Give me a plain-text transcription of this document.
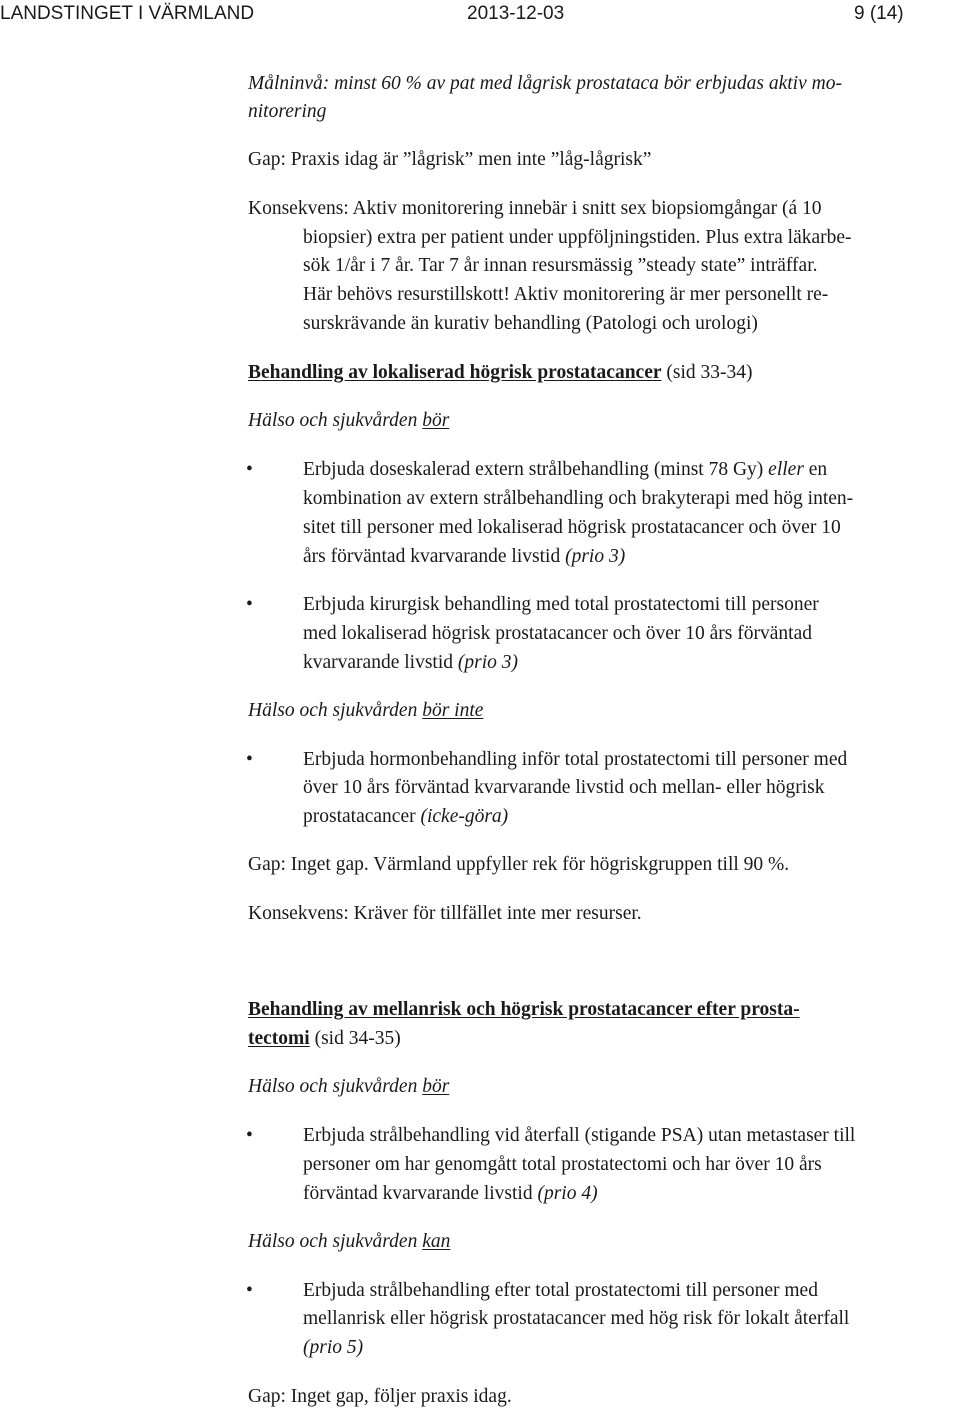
LANDSTINGET I VÄRMLAND	2013-12-03	9 (14)
Målninvå: minst 60 % av pat med lågrisk prostataca bör erbjudas aktiv mo-
nitorering
Gap: Praxis idag är ”lågrisk” men inte ”låg-lågrisk”
Konsekvens: Aktiv monitorering innebär i snitt sex biopsiomgångar (á 10
biopsier) extra per patient under uppföljningstiden. Plus extra läkarbe-
sök 1/år i 7 år. Tar 7 år innan resursmässig ”steady state” inträffar.
Här behövs resurstillskott! Aktiv monitorering är mer personellt re-
surskrävande än kurativ behandling (Patologi och urologi)
Behandling av lokaliserad högrisk prostatacancer (sid 33-34)
Hälso och sjukvården bör
•	Erbjuda doseskalerad extern strålbehandling (minst 78 Gy) eller en
kombination av extern strålbehandling och brakyterapi med hög inten-
sitet till personer med lokaliserad högrisk prostatacancer och över 10
års förväntad kvarvarande livstid (prio 3)
•	Erbjuda kirurgisk behandling med total prostatectomi till personer
med lokaliserad högrisk prostatacancer och över 10 års förväntad
kvarvarande livstid (prio 3)
Hälso och sjukvården bör inte
•	Erbjuda hormonbehandling inför total prostatectomi till personer med
över 10 års förväntad kvarvarande livstid och mellan- eller högrisk
prostatacancer (icke-göra)
Gap: Inget gap. Värmland uppfyller rek för högriskgruppen till 90 %.
Konsekvens: Kräver för tillfället inte mer resurser.
Behandling av mellanrisk och högrisk prostatacancer efter prosta-
tectomi (sid 34-35)
Hälso och sjukvården bör
•	Erbjuda strålbehandling vid återfall (stigande PSA) utan metastaser till
personer om har genomgått total prostatectomi och har över 10 års
förväntad kvarvarande livstid (prio 4)
Hälso och sjukvården kan
•	Erbjuda strålbehandling efter total prostatectomi till personer med
mellanrisk eller högrisk prostatacancer med hög risk för lokalt återfall
(prio 5)
Gap: Inget gap, följer praxis idag.
